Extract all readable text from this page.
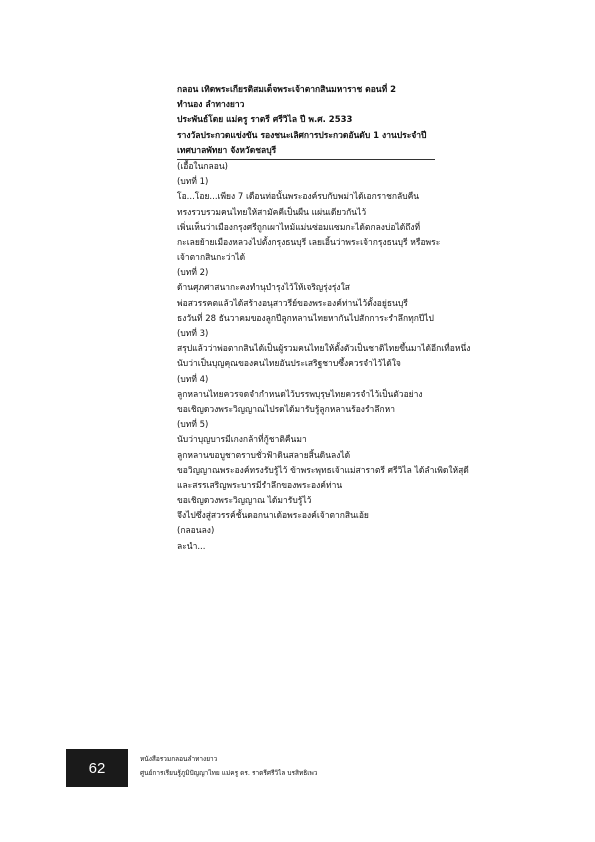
กลอน เทิดพระเกียรติสมเด็จพระเจ้าตากสินมหาราช ตอนที่ 2
ทำนอง ลำทางยาว
ประพันธ์โดย แม่ครู ราตรี ศรีวิไล ปี พ.ศ. 2533
รางวัลประกวดแข่งขัน รองชนะเลิศการประกวดอันดับ 1 งานประจำปี
เทศบาลพัทยา จังหวัดชลบุรี
(เอื้อในกลอน)
(บทที่ 1)
โอ...โอย...เพียง 7 เดือนท่อนั้นพระองค์รบกับพม่าได้เอกราชกลับคืน
ทรงรวบรวมคนไทยให้สามัคคีเป็นผืน แผ่นเดียวกันไว้
เพิ่นเห็นว่าเมืองกรุงศรีถูกเผาไหม้แม่นซ่อมแซมกะได้ตกลงบ่อได้ถึงที่
กะเลยย้ายเมืองหลวงไปตั้งกรุงธนบุรี เลยเอิ้นว่าพระเจ้ากรุงธนบุรี หรือพระ
เจ้าตากสินกะว่าได้
(บทที่ 2)
ด้านศุภศาสนากะคงทำนุบำรุงไว้ให้เจริญรุ่งรุ่งใส
พ่อสวรรคตแล้วได้สร้างอนุสาวรีย์ของพระองค์ท่านไว้ตั้งอยู่ธนบุรี
ธงวันที่ 28 ธันวาคมของลูกปีลูกหลานไทยหากันไปสักการะรำลึกทุกปีไป
(บทที่ 3)
สรุปแล้วว่าพ่อตากสินได้เป็นผู้รวมคนไทยให้ตั้งตัวเป็นชาติไทยขึ้นมาได้อีกเทื่อหนึ่ง
นับว่าเป็นบุญคุณของคนไทยอันประเสริฐชาบซึ้งควรจำไว้ได้ใจ
(บทที่ 4)
ลูกหลานไทยควรจดจำกำหนดไว้บรรพบุรุษไทยควรจำไว้เป็นตัวอย่าง
ขอเชิญดวงพระวิญญาณไปรดได้มารับรู้ลูกหลานร้องรำลึกหา
(บทที่ 5)
นับว่าบุญบารมีเกงกล้าที่กู้ชาติคืนมา
ลูกหลานขอบูชาตราบชั่วฟ้าดินสลายสิ้นดินลงได้
ขอวิญญาณพระองค์ทรงรับรู้ไว้ ข้าพระพุทธเจ้าแม่สาราตรี ศรีวิไล ได้ลำเพิดให้สุดี
และสรรเสริญพระบารมีรำลึกของพระองค์ท่าน
ขอเชิญดวงพระวิญญาณ ได้มารับรู้ไว้
จึงไปซึ่งสู่สวรรค์ชั้นดอกนาเด้อพระองค์เจ้าตากสินเอ้ย
(กลอนลง)
ละนำ...
62
หนังสือรวมกลอนลำทางยาว
ศูนย์การเรียนรู้ภูมิปัญญาไทย แม่ครู ดร. ราตรีศรีวิไล บรสิทธิเพว
